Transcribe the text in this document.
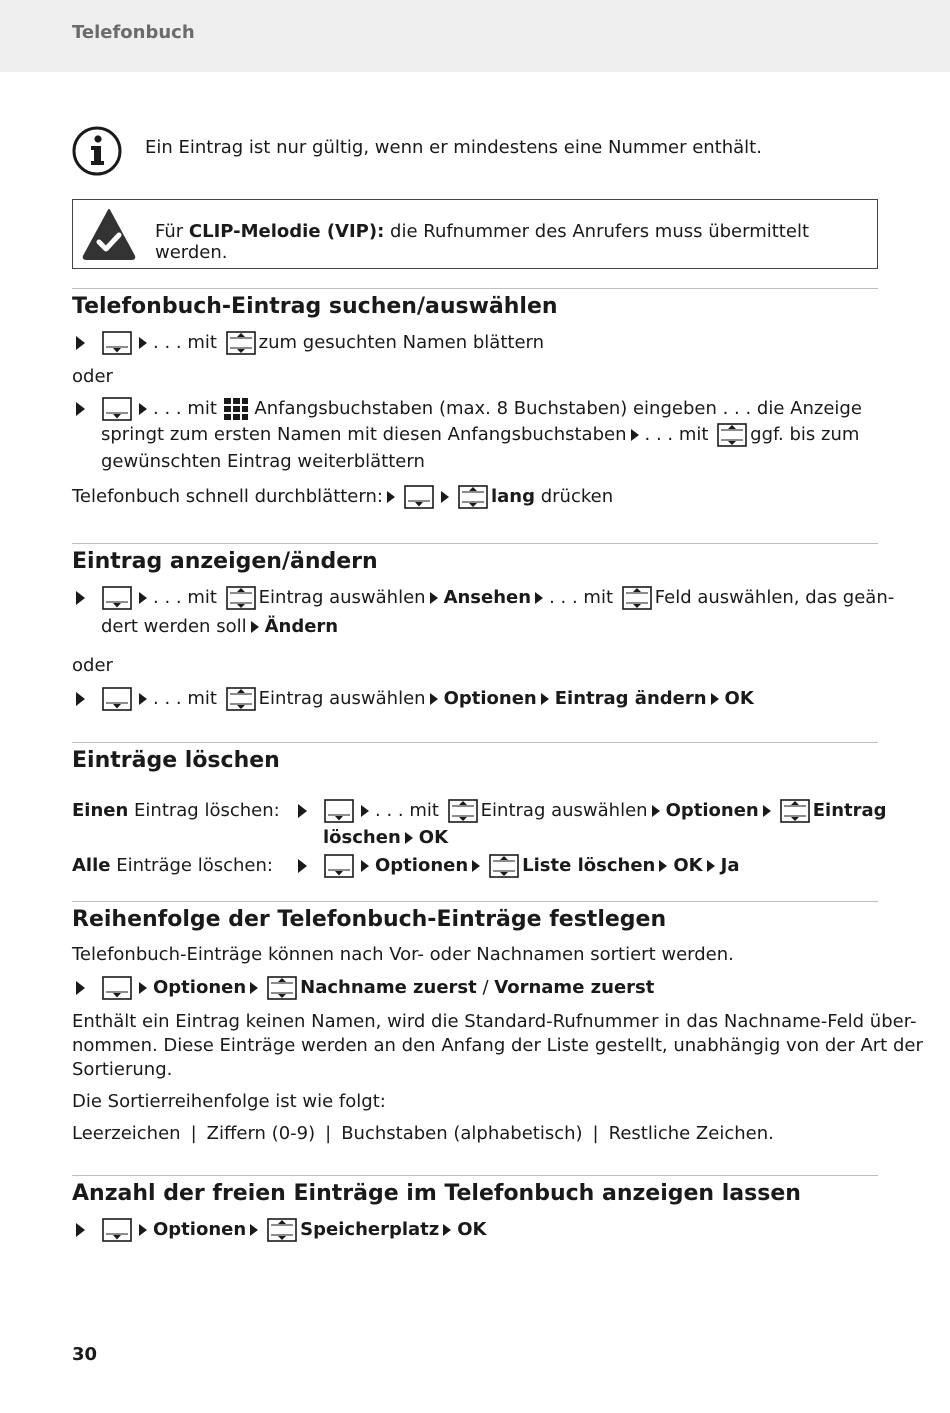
Telefonbuch
Ein Eintrag ist nur gültig, wenn er mindestens eine Nummer enthält.
Für CLIP-Melodie (VIP): die Rufnummer des Anrufers muss übermittelt werden.
Telefonbuch-Eintrag suchen/auswählen
. . . mit zum gesuchten Namen blättern
oder
. . . mit Anfangsbuchstaben (max. 8 Buchstaben) eingeben . . . die Anzeige
springt zum ersten Namen mit diesen Anfangsbuchstaben . . . mit ggf. bis zum
gewünschten Eintrag weiterblättern
Telefonbuch schnell durchblättern:	lang drücken
Eintrag anzeigen/ändern
. . . mit Eintrag auswählen Ansehen . . . mit Feld auswählen, das geän-
dert werden soll Ändern
oder
. . . mit Eintrag auswählen Optionen Eintrag ändern OK
Einträge löschen
Einen Eintrag löschen:	. . . mit Eintrag auswählen Optionen	Eintrag
löschen OK
Alle Einträge löschen:	Optionen	Liste löschen OK Ja
Reihenfolge der Telefonbuch-Einträge festlegen
Telefonbuch-Einträge können nach Vor- oder Nachnamen sortiert werden.
Optionen	Nachname zuerst / Vorname zuerst
Enthält ein Eintrag keinen Namen, wird die Standard-Rufnummer in das Nachname-Feld über-
nommen. Diese Einträge werden an den Anfang der Liste gestellt, unabhängig von der Art der
Sortierung.
Die Sortierreihenfolge ist wie folgt:
Leerzeichen | Ziffern (0-9) | Buchstaben (alphabetisch) | Restliche Zeichen.
Anzahl der freien Einträge im Telefonbuch anzeigen lassen
Optionen	Speicherplatz OK
30
